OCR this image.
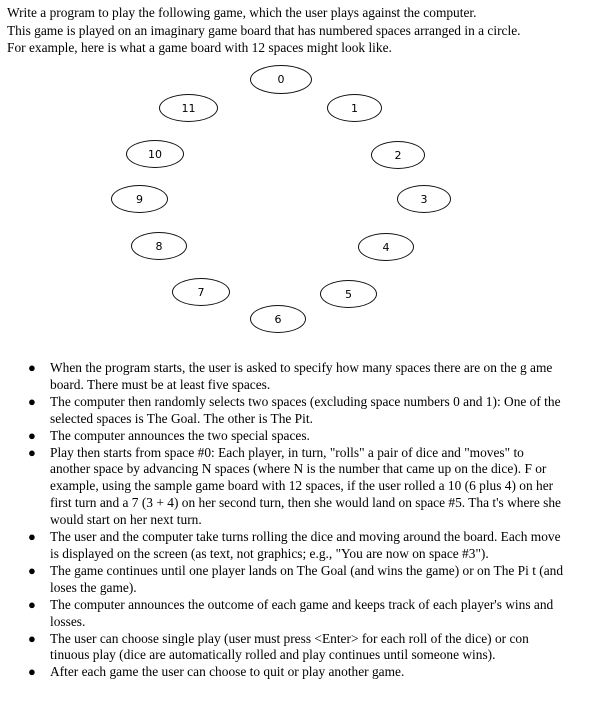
Write a program to play the following game, which the user plays against the computer.

This game is played on an imaginary game board that has numbered spaces arranged in a circle.

For example, here is what a game board with 12 spaces might look like.

0
1
2
3
4
5
6
7
8
9
10
11
● When the program starts, the user is asked to specify how many spaces there are on the g ame board. There must be at least five spaces.
● The computer then randomly selects two spaces (excluding space numbers 0 and 1): One of the selected spaces is The Goal. The other is The Pit.
● The computer announces the two special spaces.
● Play then starts from space #0: Each player, in turn, "rolls" a pair of dice and "moves" to another space by advancing N spaces (where N is the number that came up on the dice). F or example, using the sample game board with 12 spaces, if the user rolled a 10 (6 plus 4) on her first turn and a 7 (3 + 4) on her second turn, then she would land on space #5. Tha t's where she would start on her next turn.
● The user and the computer take turns rolling the dice and moving around the board. Each move is displayed on the screen (as text, not graphics; e.g., "You are now on space #3").
● The game continues until one player lands on The Goal (and wins the game) or on The Pi t (and loses the game).
● The computer announces the outcome of each game and keeps track of each player's wins and losses.
● The user can choose single play (user must press <Enter> for each roll of the dice) or con tinuous play (dice are automatically rolled and play continues until someone wins).
● After each game the user can choose to quit or play another game.
